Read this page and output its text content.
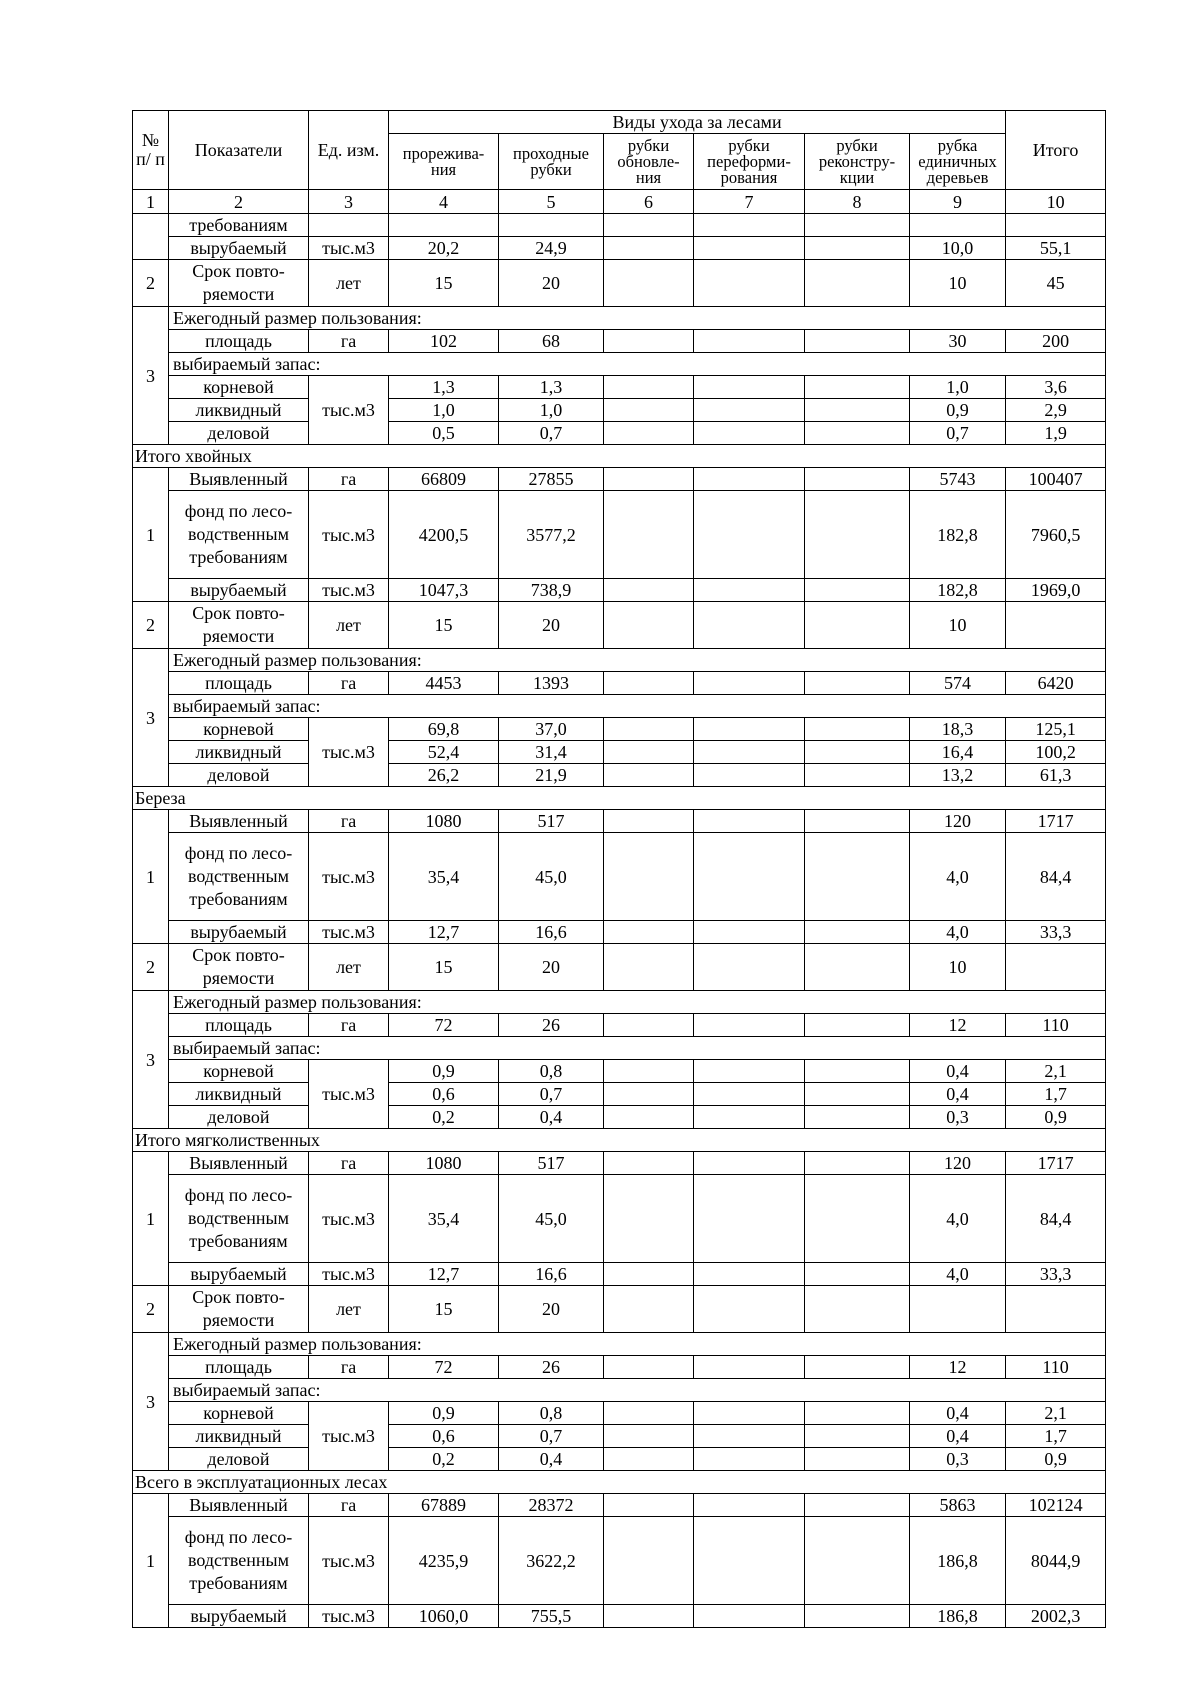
№ п/ п	Показатели	Ед. изм.	Виды ухода за лесами						Итого
			прорежива-ния	проходные рубки	рубки обновле-ния	рубки переформи-рования	рубки реконстру-кции	рубка единичных деревьев	
1	2	3	4	5	6	7	8	9	10
	требованиям								
	вырубаемый	тыс.м3	20,2	24,9				10,0	55,1
2	Срок повто-ряемости	лет	15	20				10	45
3	Ежегодный размер пользования:								
	площадь	га	102	68				30	200
	выбираемый запас:								
	корневой	тыс.м3	1,3	1,3				1,0	3,6
	ликвидный		1,0	1,0				0,9	2,9
	деловой		0,5	0,7				0,7	1,9
Итого хвойных									
1	Выявленный	га	66809	27855				5743	100407
	фонд по лесо-водственным требованиям	тыс.м3	4200,5	3577,2				182,8	7960,5
	вырубаемый	тыс.м3	1047,3	738,9				182,8	1969,0
2	Срок повто-ряемости	лет	15	20				10	
3	Ежегодный размер пользования:								
	площадь	га	4453	1393				574	6420
	выбираемый запас:								
	корневой	тыс.м3	69,8	37,0				18,3	125,1
	ликвидный		52,4	31,4				16,4	100,2
	деловой		26,2	21,9				13,2	61,3
Береза									
1	Выявленный	га	1080	517				120	1717
	фонд по лесо-водственным требованиям	тыс.м3	35,4	45,0				4,0	84,4
	вырубаемый	тыс.м3	12,7	16,6				4,0	33,3
2	Срок повто-ряемости	лет	15	20				10	
3	Ежегодный размер пользования:								
	площадь	га	72	26				12	110
	выбираемый запас:								
	корневой	тыс.м3	0,9	0,8				0,4	2,1
	ликвидный		0,6	0,7				0,4	1,7
	деловой		0,2	0,4				0,3	0,9
Итого мягколиственных									
1	Выявленный	га	1080	517				120	1717
	фонд по лесо-водственным требованиям	тыс.м3	35,4	45,0				4,0	84,4
	вырубаемый	тыс.м3	12,7	16,6				4,0	33,3
2	Срок повто-ряемости	лет	15	20					
3	Ежегодный размер пользования:								
	площадь	га	72	26				12	110
	выбираемый запас:								
	корневой	тыс.м3	0,9	0,8				0,4	2,1
	ликвидный		0,6	0,7				0,4	1,7
	деловой		0,2	0,4				0,3	0,9
Всего в эксплуатационных лесах									
1	Выявленный	га	67889	28372				5863	102124
	фонд по лесо-водственным требованиям	тыс.м3	4235,9	3622,2				186,8	8044,9
	вырубаемый	тыс.м3	1060,0	755,5				186,8	2002,3
